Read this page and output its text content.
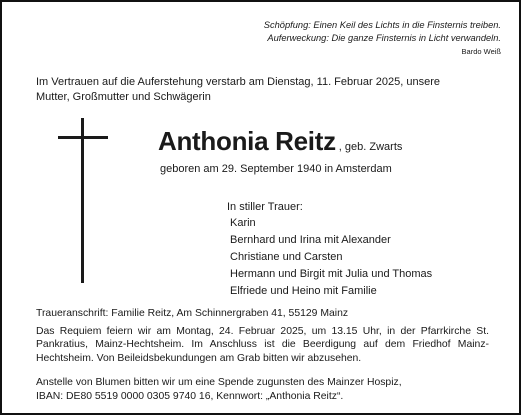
Schöpfung: Einen Keil des Lichts in die Finsternis treiben.
Auferweckung: Die ganze Finsternis in Licht verwandeln.
Bardo Weiß
Im Vertrauen auf die Auferstehung verstarb am Dienstag, 11. Februar 2025, unsere
Mutter, Großmutter und Schwägerin
Anthonia Reitz , geb. Zwarts
geboren am 29. September 1940 in Amsterdam
In stiller Trauer:
Karin
Bernhard und Irina mit Alexander
Christiane und Carsten
Hermann und Birgit mit Julia und Thomas
Elfriede und Heino mit Familie
Traueranschrift: Familie Reitz, Am Schinnergraben 41, 55129 Mainz
Das Requiem feiern wir am Montag, 24. Februar 2025, um 13.15 Uhr, in der Pfarrkirche St. Pankratius, Mainz-Hechtsheim. Im Anschluss ist die Beerdigung auf dem Friedhof Mainz-Hechtsheim. Von Beileidsbekundungen am Grab bitten wir abzusehen.
Anstelle von Blumen bitten wir um eine Spende zugunsten des Mainzer Hospiz,
IBAN: DE80 5519 0000 0305 9740 16, Kennwort: „Anthonia Reitz“.
